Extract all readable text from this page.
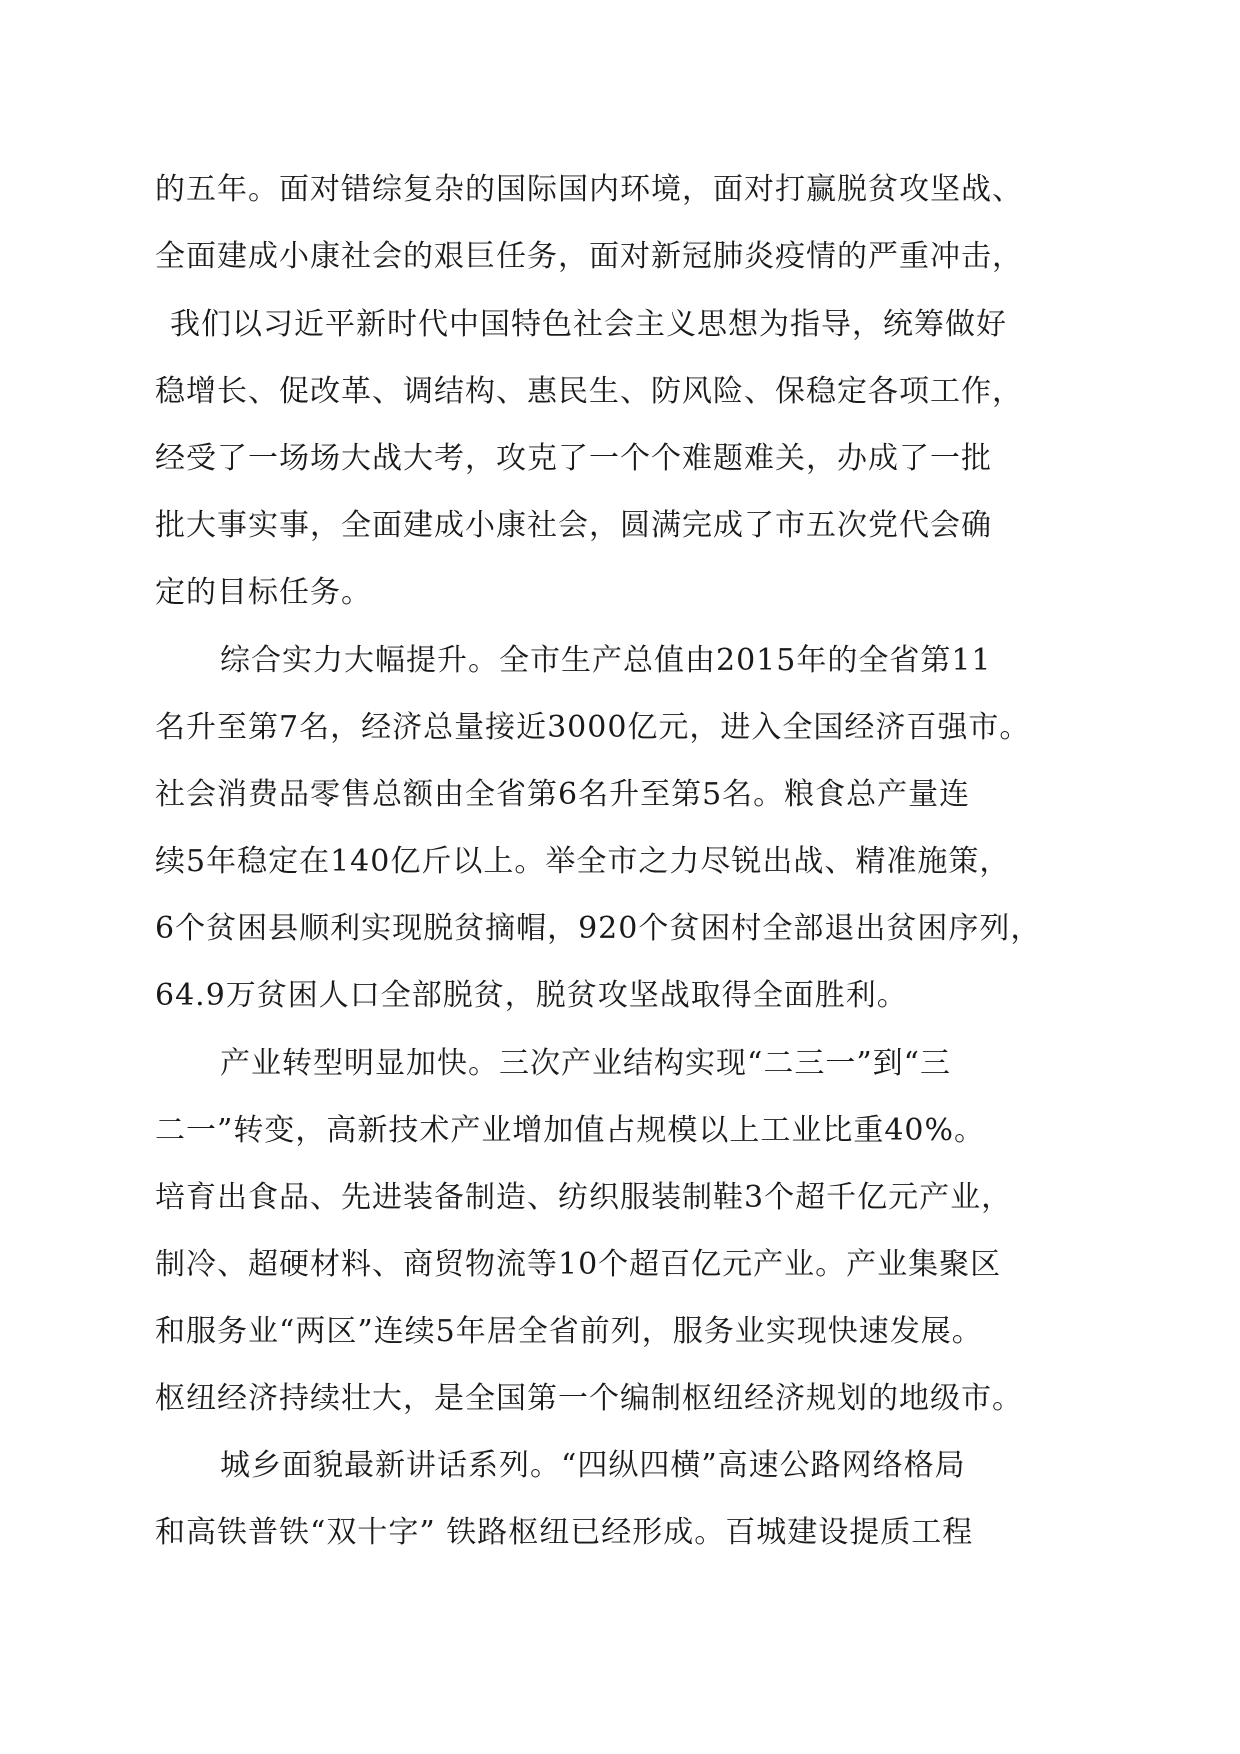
的五年。面对错综复杂的国际国内环境，面对打赢脱贫攻坚战、
全面建成小康社会的艰巨任务，面对新冠肺炎疫情的严重冲击，
我们以习近平新时代中国特色社会主义思想为指导，统筹做好
稳增长、促改革、调结构、惠民生、防风险、保稳定各项工作，
经受了一场场大战大考，攻克了一个个难题难关，办成了一批
批大事实事，全面建成小康社会，圆满完成了市五次党代会确
定的目标任务。
综合实力大幅提升。全市生产总值由2015年的全省第11
名升至第7名，经济总量接近3000亿元，进入全国经济百强市。
社会消费品零售总额由全省第6名升至第5名。粮食总产量连
续5年稳定在140亿斤以上。举全市之力尽锐出战、精准施策，
6个贫困县顺利实现脱贫摘帽，920个贫困村全部退出贫困序列，
64.9万贫困人口全部脱贫，脱贫攻坚战取得全面胜利。
产业转型明显加快。三次产业结构实现“二三一”到“三
二一”转变，高新技术产业增加值占规模以上工业比重40%。
培育出食品、先进装备制造、纺织服装制鞋3个超千亿元产业，
制冷、超硬材料、商贸物流等10个超百亿元产业。产业集聚区
和服务业“两区”连续5年居全省前列，服务业实现快速发展。
枢纽经济持续壮大，是全国第一个编制枢纽经济规划的地级市。
城乡面貌最新讲话系列。“四纵四横”高速公路网络格局
和高铁普铁“双十字” 铁路枢纽已经形成。百城建设提质工程
